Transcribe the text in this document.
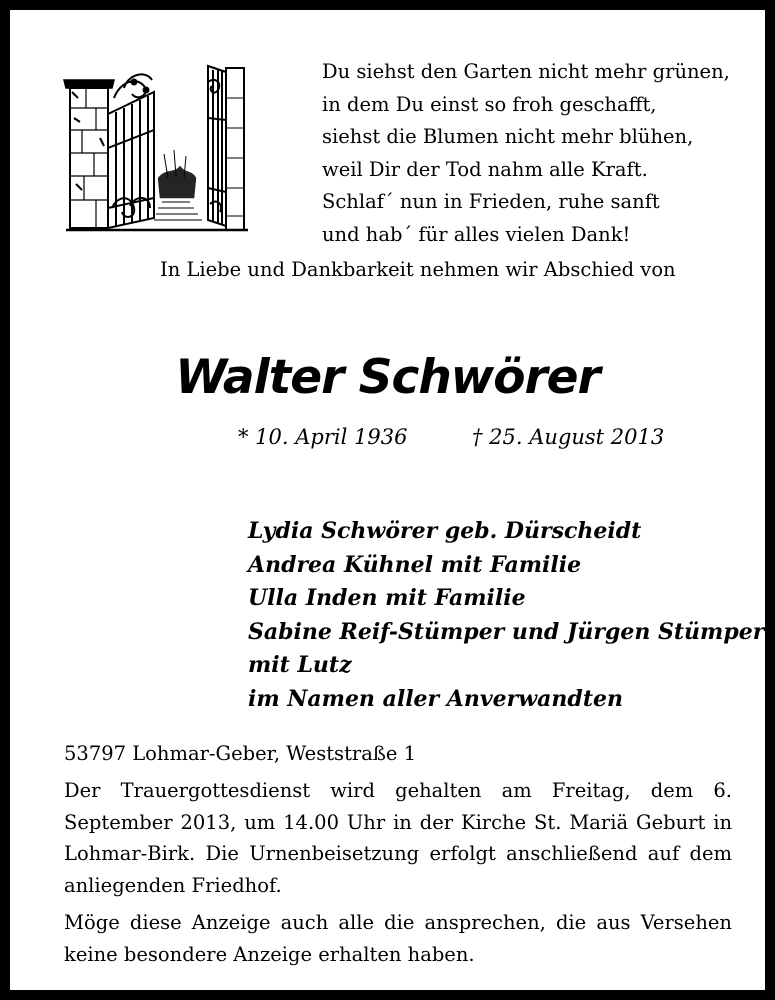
Du siehst den Garten nicht mehr grünen,
in dem Du einst so froh geschafft,
siehst die Blumen nicht mehr blühen,
weil Dir der Tod nahm alle Kraft.
Schlaf´ nun in Frieden, ruhe sanft
und hab´ für alles vielen Dank!
In Liebe und Dankbarkeit nehmen wir Abschied von
Walter Schwörer
* 10. April 1936	† 25. August 2013
Lydia Schwörer geb. Dürscheidt
Andrea Kühnel mit Familie
Ulla Inden mit Familie
Sabine Reif-Stümper und Jürgen Stümper
mit Lutz
im Namen aller Anverwandten
53797 Lohmar-Geber, Weststraße 1

Der Trauergottesdienst wird gehalten am Freitag, dem 6. September 2013, um 14.00 Uhr in der Kirche St. Mariä Geburt in Lohmar-Birk. Die Urnenbeisetzung erfolgt anschließend auf dem anliegenden Friedhof.

Möge diese Anzeige auch alle die ansprechen, die aus Versehen keine besondere Anzeige erhalten haben.
